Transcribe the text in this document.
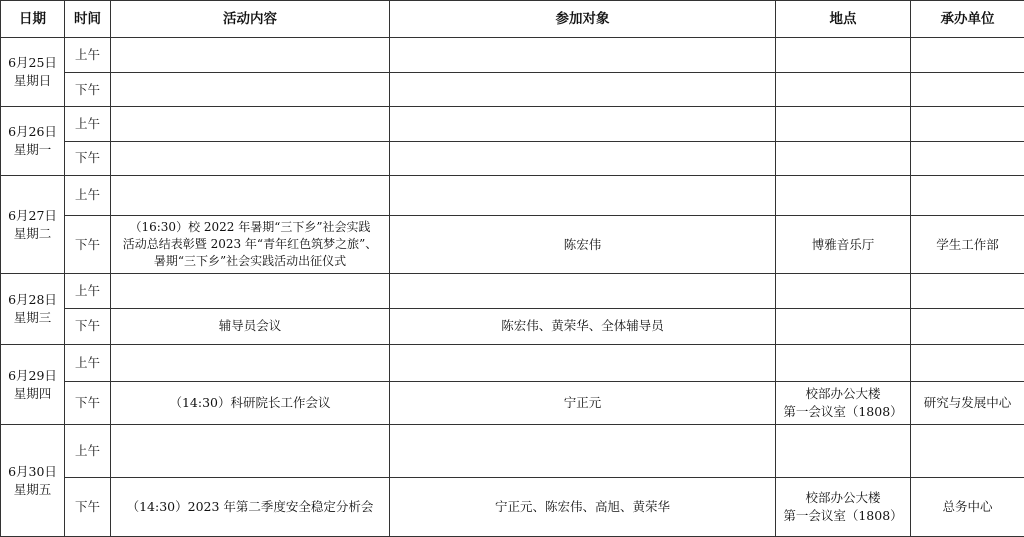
日期	时间	活动内容	参加对象	地点	承办单位

6月25日
星期日	上午				
	下午				

6月26日
星期一	上午				
	下午				

6月27日
星期二	上午				
	下午	（16:30）校 2022 年暑期“三下乡”社会实践
活动总结表彰暨 2023 年“青年红色筑梦之旅”、
暑期“三下乡”社会实践活动出征仪式	陈宏伟	博雅音乐厅	学生工作部

6月28日
星期三	上午				
	下午	辅导员会议	陈宏伟、黄荣华、全体辅导员		

6月29日
星期四	上午				
	下午	（14:30）科研院长工作会议	宁正元	校部办公大楼
第一会议室（1808）	研究与发展中心

6月30日
星期五	上午				
	下午	（14:30）2023 年第二季度安全稳定分析会	宁正元、陈宏伟、高旭、黄荣华	校部办公大楼
第一会议室（1808）	总务中心
